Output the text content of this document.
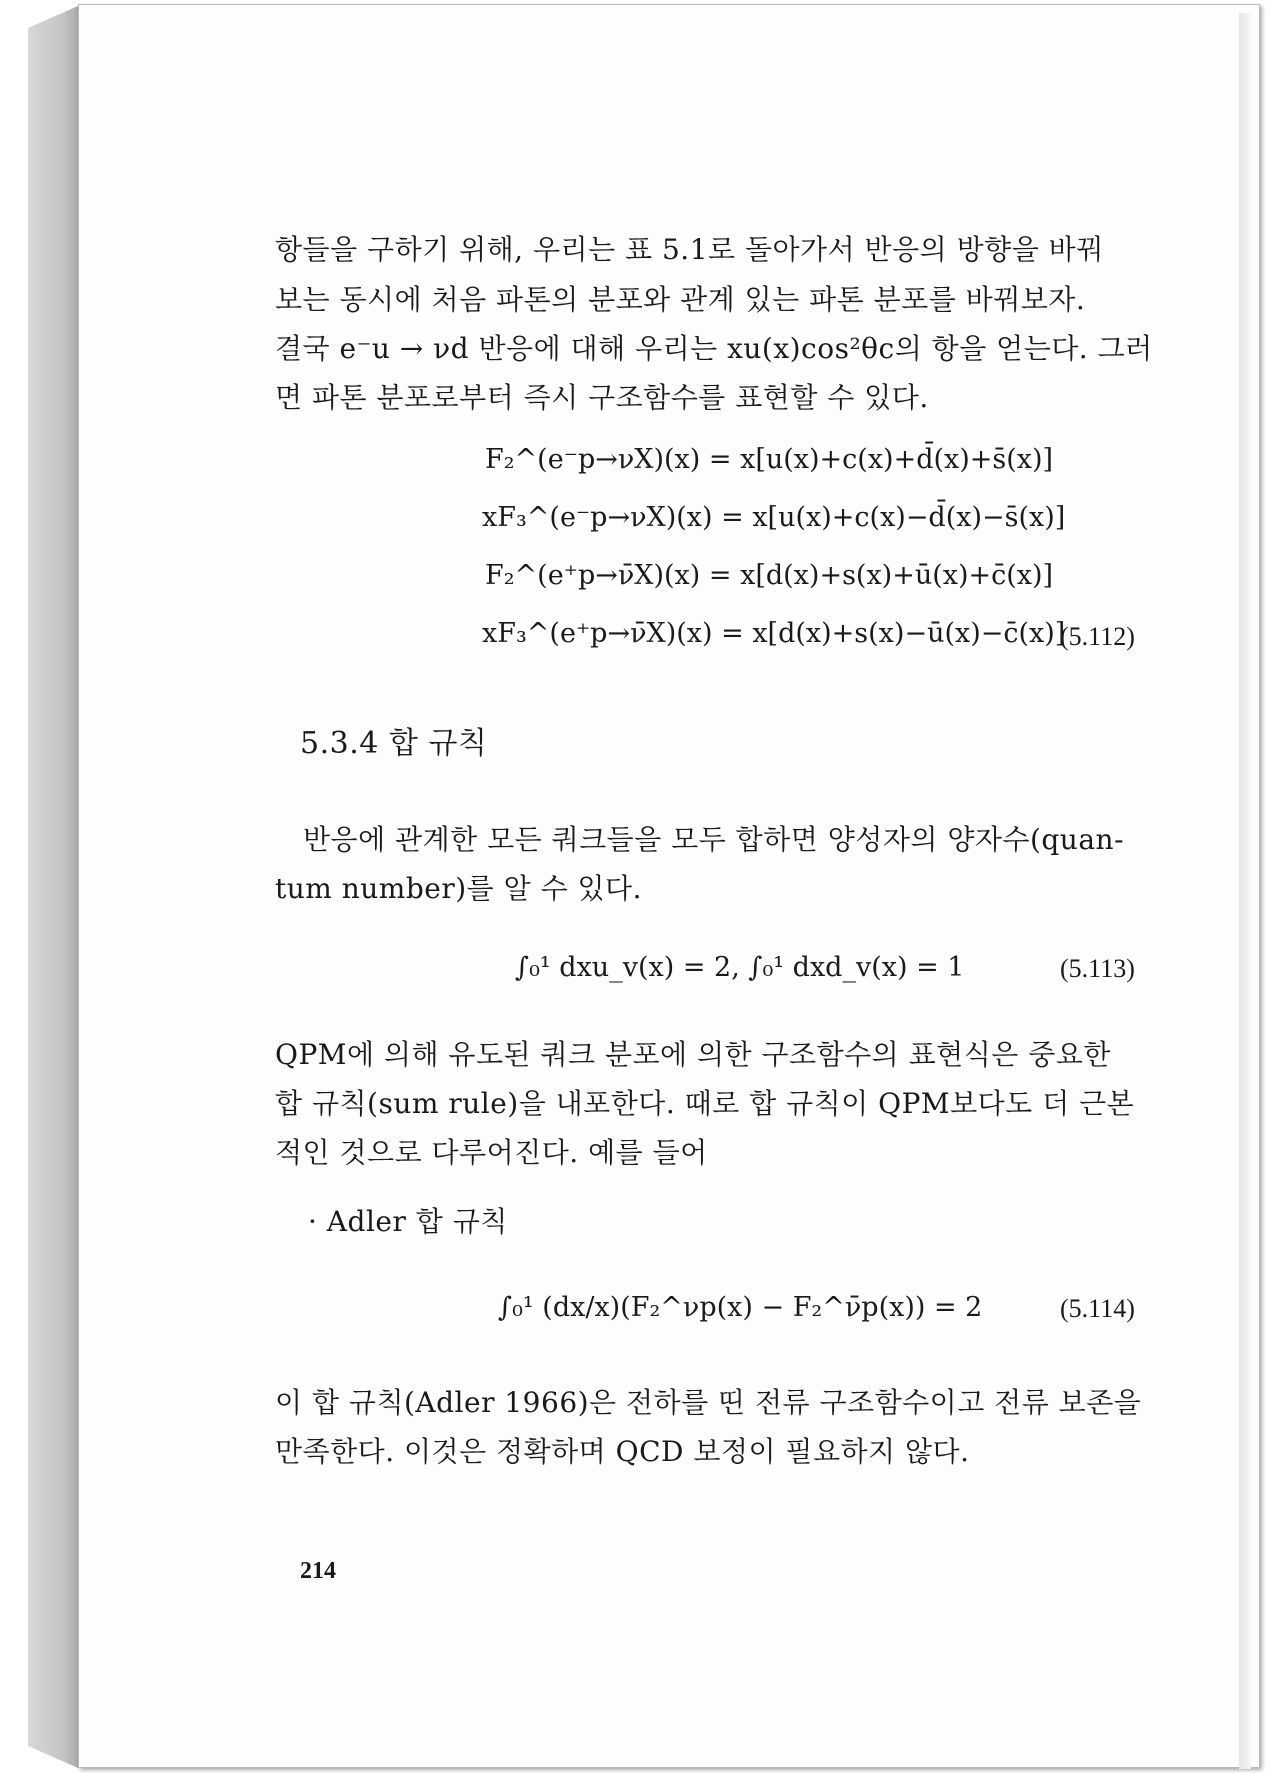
항들을 구하기 위해, 우리는 표 5.1로 돌아가서 반응의 방향을 바꿔
보는 동시에 처음 파톤의 분포와 관계 있는 파톤 분포를 바꿔보자.
결국 e⁻u → νd 반응에 대해 우리는 xu(x)cos²θc의 항을 얻는다. 그러
면 파톤 분포로부터 즉시 구조함수를 표현할 수 있다.
F₂^(e⁻p→νX)(x) = x[u(x)+c(x)+d̄(x)+s̄(x)]
xF₃^(e⁻p→νX)(x) = x[u(x)+c(x)−d̄(x)−s̄(x)]
F₂^(e⁺p→ν̄X)(x) = x[d(x)+s(x)+ū(x)+c̄(x)]
xF₃^(e⁺p→ν̄X)(x) = x[d(x)+s(x)−ū(x)−c̄(x)]
(5.112)
5.3.4 합 규칙
반응에 관계한 모든 쿼크들을 모두 합하면 양성자의 양자수(quan-
tum number)를 알 수 있다.
∫₀¹ dxu_v(x) = 2, ∫₀¹ dxd_v(x) = 1	(5.113)
QPM에 의해 유도된 쿼크 분포에 의한 구조함수의 표현식은 중요한
합 규칙(sum rule)을 내포한다. 때로 합 규칙이 QPM보다도 더 근본
적인 것으로 다루어진다. 예를 들어
· Adler 합 규칙
∫₀¹ (dx/x)(F₂^νp(x) − F₂^ν̄p(x)) = 2	(5.114)
이 합 규칙(Adler 1966)은 전하를 띤 전류 구조함수이고 전류 보존을
만족한다. 이것은 정확하며 QCD 보정이 필요하지 않다.
214
